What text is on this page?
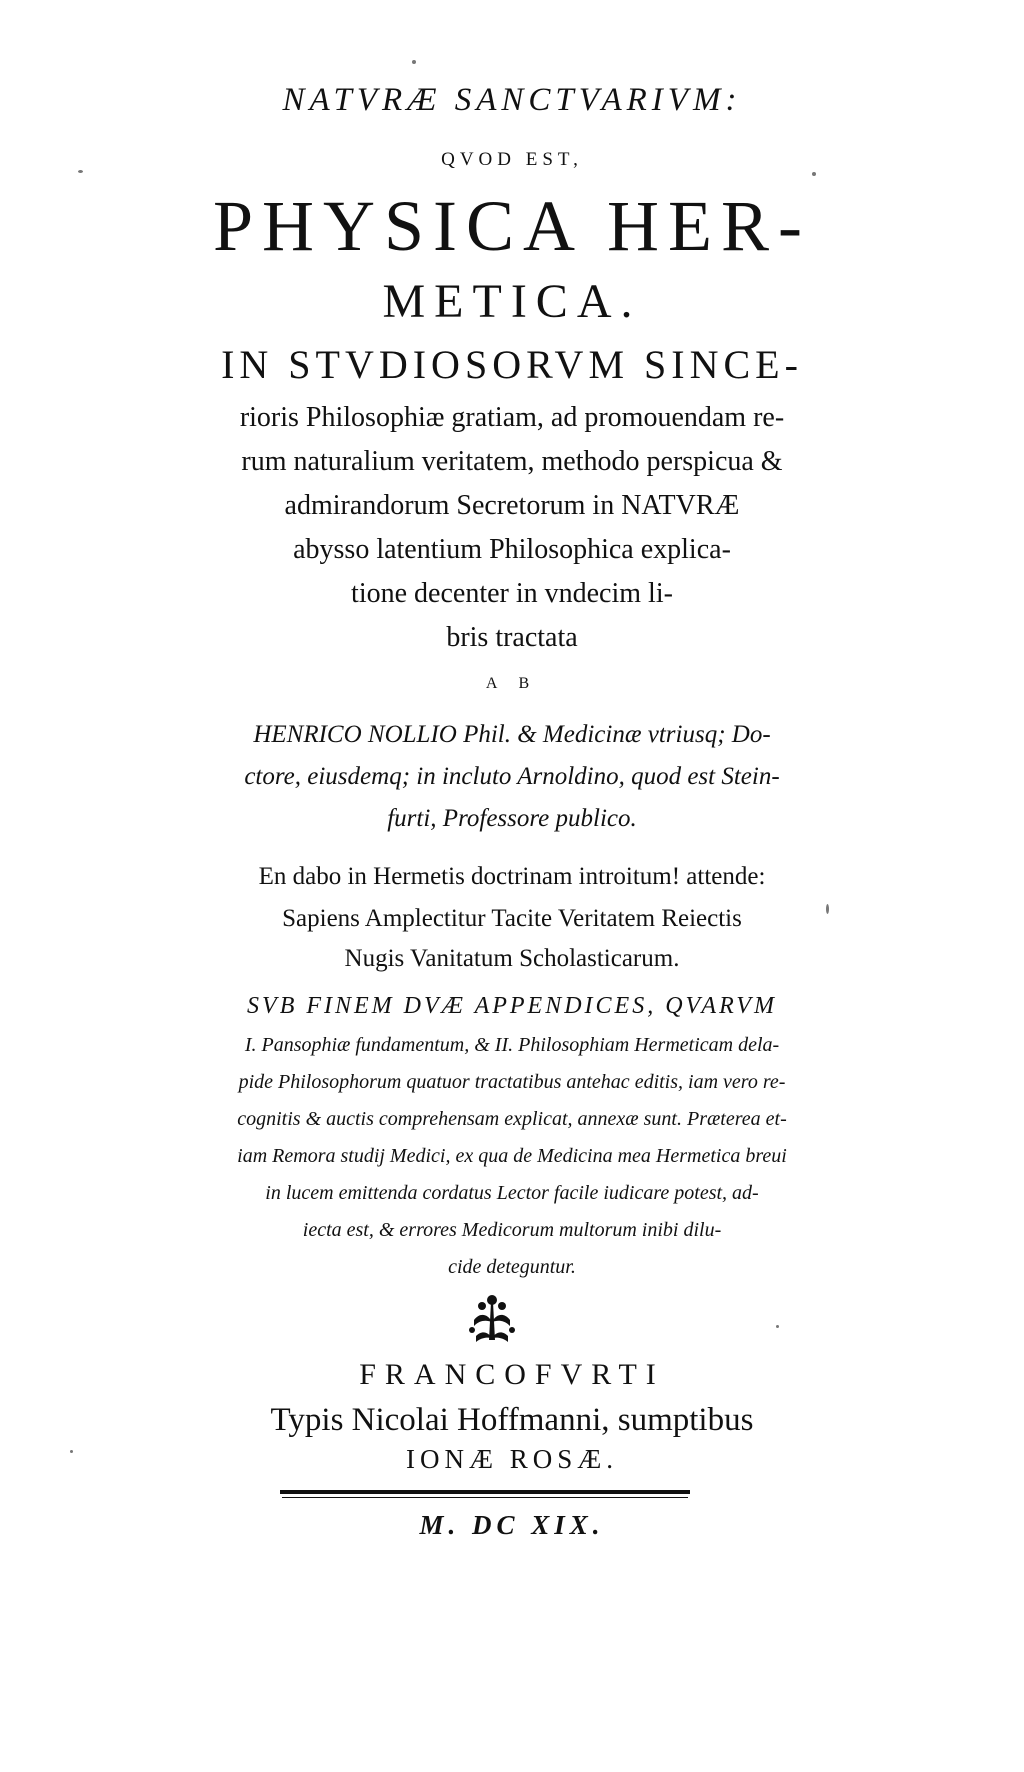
NATVRÆ SANCTVARIVM:
QVOD EST,
PHYSICA HER-
METICA.
IN STVDIOSORVM SINCE-
rioris Philosophiæ gratiam, ad promouendam re-
rum naturalium veritatem, methodo perspicua &
admirandorum Secretorum in NATVRÆ
abysso latentium Philosophica explica-
tione decenter in vndecim li-
bris tractata
A B
HENRICO NOLLIO Phil. & Medicinæ vtriusq; Do-
ctore, eiusdemq; in incluto Arnoldino, quod est Stein-
furti, Professore publico.
En dabo in Hermetis doctrinam introitum! attende:
Sapiens Amplectitur Tacite Veritatem Reiectis
Nugis Vanitatum Scholasticarum.
SVB FINEM DVÆ APPENDICES, QVARVM
I. Pansophiæ fundamentum, & II. Philosophiam Hermeticam dela-
pide Philosophorum quatuor tractatibus antehac editis, iam vero re-
cognitis & auctis comprehensam explicat, annexæ sunt. Præterea et-
iam Remora studij Medici, ex qua de Medicina mea Hermetica breui
in lucem emittenda cordatus Lector facile iudicare potest, ad-
iecta est, & errores Medicorum multorum inibi dilu-
cide deteguntur.
FRANCOFVRTI
Typis Nicolai Hoffmanni, sumptibus
IONÆ ROSÆ.
M. DC XIX.
